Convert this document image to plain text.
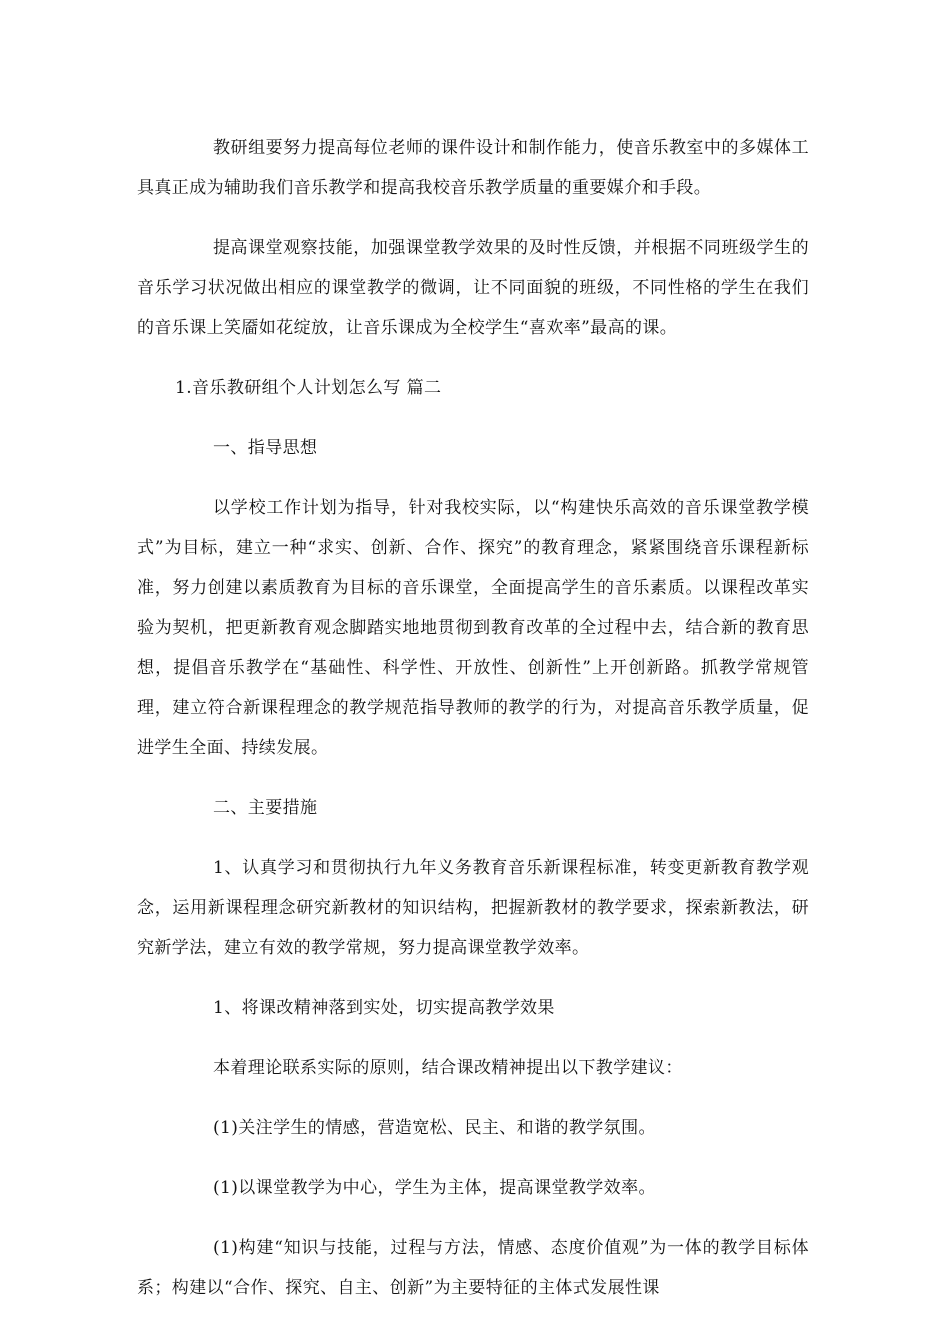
教研组要努力提高每位老师的课件设计和制作能力，使音乐教室中的多媒体工具真正成为辅助我们音乐教学和提高我校音乐教学质量的重要媒介和手段。

提高课堂观察技能，加强课堂教学效果的及时性反馈，并根据不同班级学生的音乐学习状况做出相应的课堂教学的微调，让不同面貌的班级，不同性格的学生在我们的音乐课上笑靥如花绽放，让音乐课成为全校学生“喜欢率”最高的课。

1.音乐教研组个人计划怎么写 篇二

一、指导思想

以学校工作计划为指导，针对我校实际，以“构建快乐高效的音乐课堂教学模式”为目标，建立一种“求实、创新、合作、探究”的教育理念，紧紧围绕音乐课程新标准，努力创建以素质教育为目标的音乐课堂，全面提高学生的音乐素质。以课程改革实验为契机，把更新教育观念脚踏实地地贯彻到教育改革的全过程中去，结合新的教育思想，提倡音乐教学在“基础性、科学性、开放性、创新性”上开创新路。抓教学常规管理，建立符合新课程理念的教学规范指导教师的教学的行为，对提高音乐教学质量，促进学生全面、持续发展。

二、主要措施

1、认真学习和贯彻执行九年义务教育音乐新课程标准，转变更新教育教学观念，运用新课程理念研究新教材的知识结构，把握新教材的教学要求，探索新教法，研究新学法，建立有效的教学常规，努力提高课堂教学效率。

1、将课改精神落到实处，切实提高教学效果

本着理论联系实际的原则，结合课改精神提出以下教学建议：

(1)关注学生的情感，营造宽松、民主、和谐的教学氛围。

(1)以课堂教学为中心，学生为主体，提高课堂教学效率。

(1)构建“知识与技能，过程与方法，情感、态度价值观”为一体的教学目标体系；构建以“合作、探究、自主、创新”为主要特征的主体式发展性课
